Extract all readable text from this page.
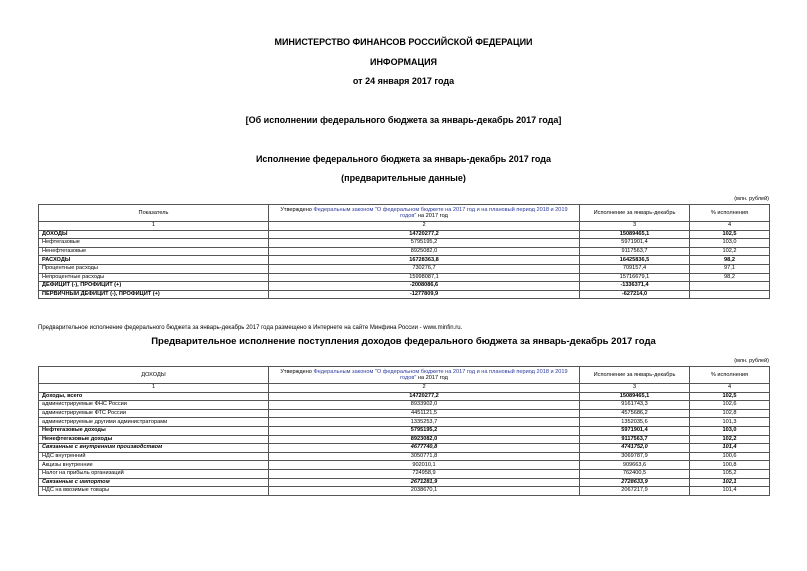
МИНИСТЕРСТВО ФИНАНСОВ РОССИЙСКОЙ ФЕДЕРАЦИИ
ИНФОРМАЦИЯ
от 24 января 2017 года
[Об исполнении федерального бюджета за январь-декабрь 2017 года]
Исполнение федерального бюджета за январь-декабрь 2017 года
(предварительные данные)
(млн. рублей)
Показатель	Утверждено Федеральным законом "О федеральном бюджете на 2017 год и на плановый период 2018 и 2019 годов" на 2017 год	Исполнение за январь-декабрь	% исполнения
1	2	3	4
ДОХОДЫ	14720277,2	15089465,1	102,5
Нефтегазовые	5795195,2	5971901,4	103,0
Ненефтегазовые	8925082,0	9117563,7	102,2
РАСХОДЫ	16728363,8	16425836,5	98,2
Процентные расходы	730276,7	709157,4	97,1
Непроцентные расходы	15998087,1	15716679,1	98,2
ДЕФИЦИТ (-), ПРОФИЦИТ (+)	-2008086,6	-1336371,4	
ПЕРВИЧНЫЙ ДЕФИЦИТ (-), ПРОФИЦИТ (+)	-1277809,9	-627214,0	
Предварительное исполнение федерального бюджета за январь-декабрь 2017 года размещено в Интернете на сайте Минфина России - www.minfin.ru.
Предварительное исполнение поступления доходов федерального бюджета за январь-декабрь 2017 года
(млн. рублей)
ДОХОДЫ	Утверждено Федеральным законом "О федеральном бюджете на 2017 год и на плановый период 2018 и 2019 годов" на 2017 год	Исполнение за январь-декабрь	% исполнения
1	2	3	4
Доходы, всего	14720277,2	15089465,1	102,5
администрируемые ФНС России	8933902,0	9161743,3	102,6
администрируемые ФТС России	4451121,5	4575686,2	102,8
администрируемые другими администраторами	1335253,7	1352035,6	101,3
Нефтегазовые доходы	5795195,2	5971901,4	103,0
Ненефтегазовые доходы	8923082,0	9117563,7	102,2
Связанные с внутренним производством	4677740,8	4741752,0	101,4
НДС внутренний	3050771,8	3069787,9	100,6
Акцизы внутренние	902010,1	909663,6	100,8
Налог на прибыль организаций	724958,9	762400,5	105,2
Связанные с импортом	2671281,9	2728633,9	102,1
НДС на ввозимые товары	2038670,1	2067217,9	101,4
